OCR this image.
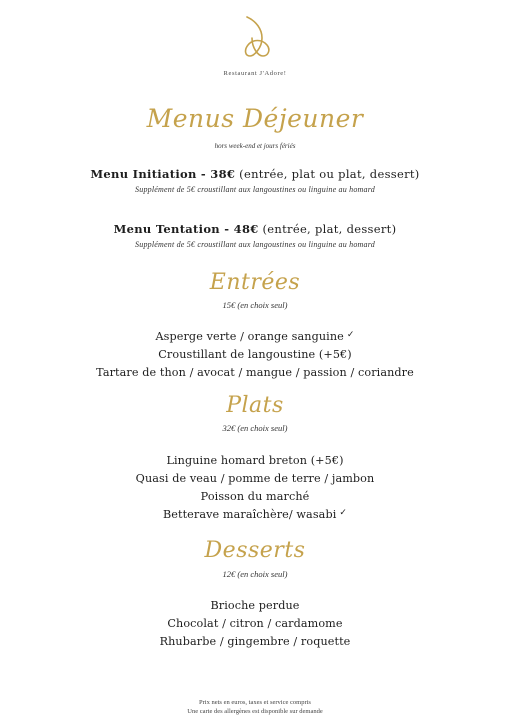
Restaurant J'Adore!
Menus Déjeuner
hors week-end et jours fériés
Menu Initiation - 38€ (entrée, plat ou plat, dessert)
Supplément de 5€ croustillant aux langoustines ou linguine au homard
Menu Tentation - 48€ (entrée, plat, dessert)
Supplément de 5€ croustillant aux langoustines ou linguine au homard
Entrées
15€ (en choix seul)
Asperge verte / orange sanguine ✓
Croustillant de langoustine (+5€)
Tartare de thon / avocat / mangue / passion / coriandre
Plats
32€ (en choix seul)
Linguine homard breton (+5€)
Quasi de veau / pomme de terre / jambon
Poisson du marché
Betterave maraîchère/ wasabi ✓
Desserts
12€ (en choix seul)
Brioche perdue
Chocolat / citron / cardamome
Rhubarbe / gingembre / roquette
Prix nets en euros, taxes et service compris
Une carte des allergènes est disponible sur demande
